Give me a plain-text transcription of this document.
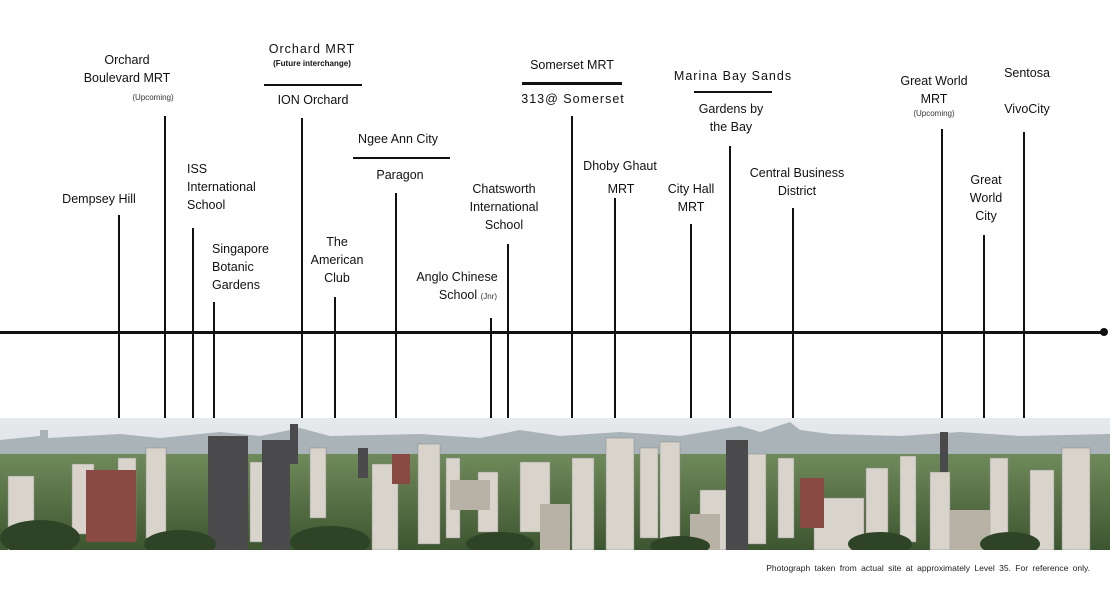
Dempsey Hill
Orchard
Boulevard MRT
(Upcoming)
ISS
International
School
Singapore
Botanic
Gardens
Orchard MRT
(Future interchange)
ION Orchard
The
American
Club
Ngee Ann City
Paragon
Anglo Chinese
School (Jnr)
Chatsworth
International
School
Somerset MRT
313@ Somerset
Dhoby Ghaut
MRT	City Hall
MRT
Marina Bay Sands
Gardens by
the Bay
Central Business
District
Great World
MRT
(Upcoming)
Great
World
City
Sentosa
VivoCity
Photograph taken from actual site at approximately Level 35. For reference only.
